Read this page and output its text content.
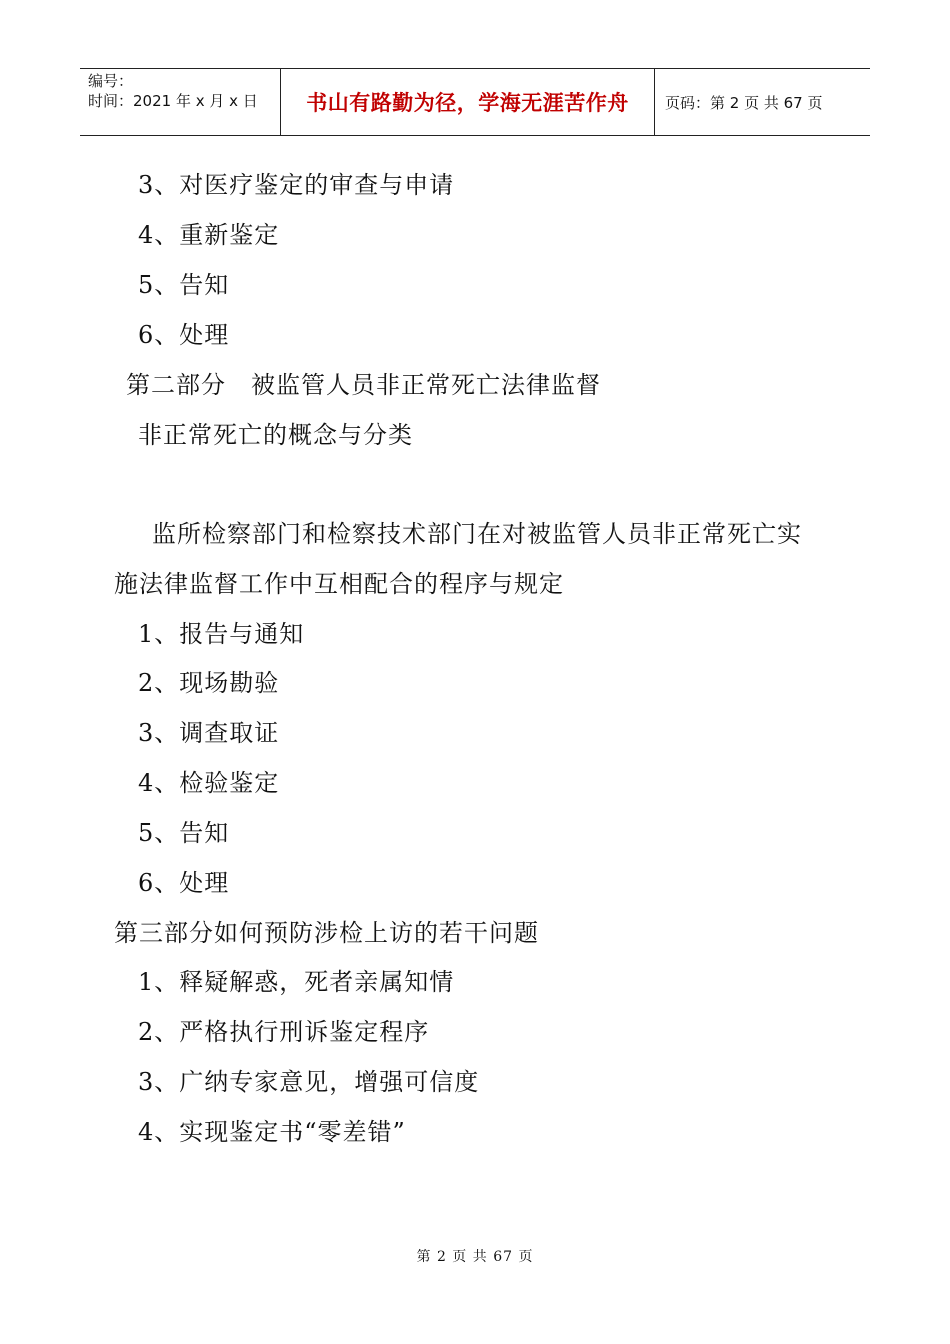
编号：
时间：2021 年 x 月 x 日	书山有路勤为径，学海无涯苦作舟	页码：第 2 页 共 67 页
3、对医疗鉴定的审查与申请
4、重新鉴定
5、告知
6、处理
第二部分　被监管人员非正常死亡法律监督
非正常死亡的概念与分类
监所检察部门和检察技术部门在对被监管人员非正常死亡实
施法律监督工作中互相配合的程序与规定
1、报告与通知
2、现场勘验
3、调查取证
4、检验鉴定
5、告知
6、处理
第三部分如何预防涉检上访的若干问题
1、释疑解惑，死者亲属知情
2、严格执行刑诉鉴定程序
3、广纳专家意见，增强可信度
4、实现鉴定书“零差错”
第 2 页 共 67 页
